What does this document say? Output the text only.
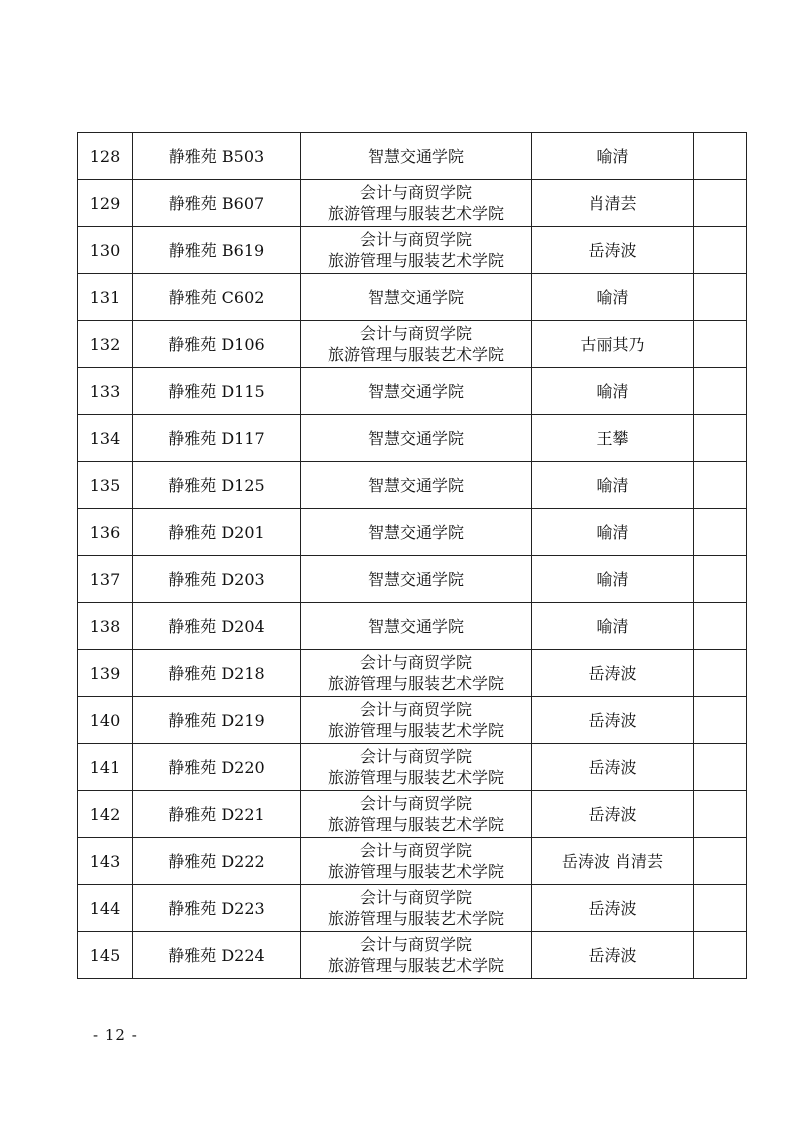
128	静雅苑 B503	智慧交通学院	喻清	
129	静雅苑 B607	会计与商贸学院
旅游管理与服装艺术学院	肖清芸	
130	静雅苑 B619	会计与商贸学院
旅游管理与服装艺术学院	岳涛波	
131	静雅苑 C602	智慧交通学院	喻清	
132	静雅苑 D106	会计与商贸学院
旅游管理与服装艺术学院	古丽其乃	
133	静雅苑 D115	智慧交通学院	喻清	
134	静雅苑 D117	智慧交通学院	王攀	
135	静雅苑 D125	智慧交通学院	喻清	
136	静雅苑 D201	智慧交通学院	喻清	
137	静雅苑 D203	智慧交通学院	喻清	
138	静雅苑 D204	智慧交通学院	喻清	
139	静雅苑 D218	会计与商贸学院
旅游管理与服装艺术学院	岳涛波	
140	静雅苑 D219	会计与商贸学院
旅游管理与服装艺术学院	岳涛波	
141	静雅苑 D220	会计与商贸学院
旅游管理与服装艺术学院	岳涛波	
142	静雅苑 D221	会计与商贸学院
旅游管理与服装艺术学院	岳涛波	
143	静雅苑 D222	会计与商贸学院
旅游管理与服装艺术学院	岳涛波 肖清芸	
144	静雅苑 D223	会计与商贸学院
旅游管理与服装艺术学院	岳涛波	
145	静雅苑 D224	会计与商贸学院
旅游管理与服装艺术学院	岳涛波	
- 12 -
